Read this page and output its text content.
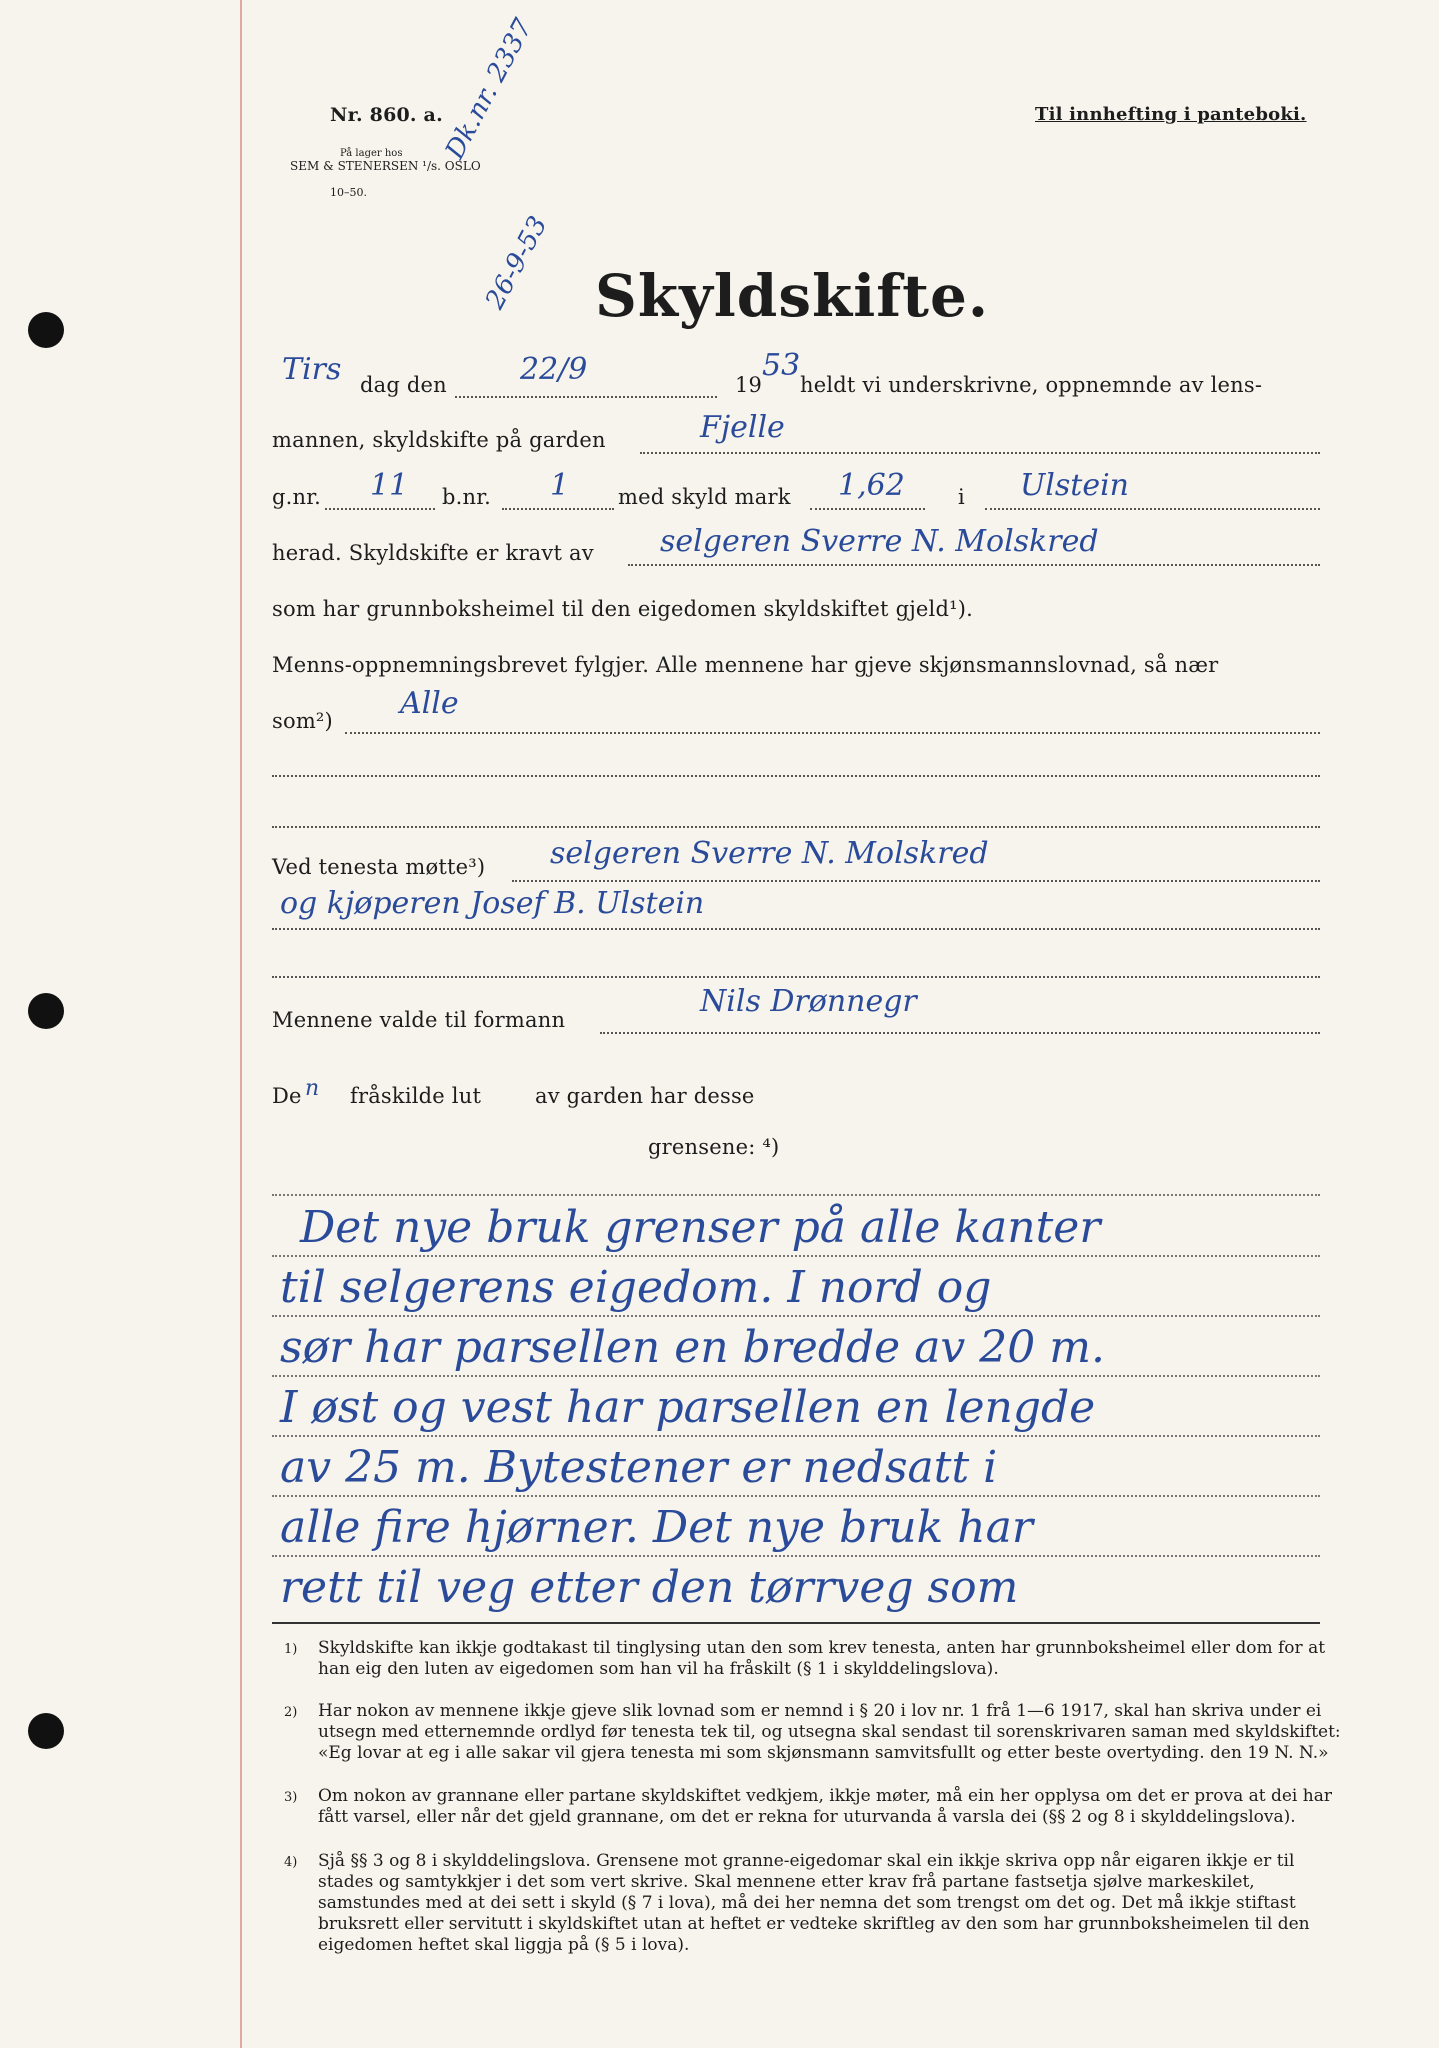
Nr. 860. a.
På lager hos
SEM & STENERSEN ¹/s. OSLO
10–50.
Til innhefting i panteboki.
Dk.nr. 2337
26-9-53 Skyldskifte.
Tirs dag den 22/9	19
53
heldt vi underskrivne, oppnemnde av lens-
mannen, skyldskifte på garden	Fjelle
g.nr. 11 b.nr. 1 med skyld mark 1,62	i Ulstein
herad. Skyldskifte er kravt av selgeren Sverre N. Molskred
som har grunnboksheimel til den eigedomen skyldskiftet gjeld¹).
Menns-oppnemningsbrevet fylgjer. Alle mennene har gjeve skjønsmannslovnad, så nær
som²) Alle
Ved tenesta møtte³) selgeren Sverre N. Molskred
og kjøperen Josef B. Ulstein
Mennene valde til formann
Nils Drønnegr
De n fråskilde lut	av garden har desse
grensene: ⁴)
Det nye bruk grenser på alle kanter
til selgerens eigedom. I nord og
sør har parsellen en bredde av 20 m.
I øst og vest har parsellen en lengde
av 25 m. Bytestener er nedsatt i
alle fire hjørner. Det nye bruk har
rett til veg etter den tørrveg som
1) Skyldskifte kan ikkje godtakast til tinglysing utan den som krev tenesta, anten har grunnboksheimel eller dom for at han eig den luten av eigedomen som han vil ha fråskilt (§ 1 i skylddelingslova).
2) Har nokon av mennene ikkje gjeve slik lovnad som er nemnd i § 20 i lov nr. 1 frå 1—6 1917, skal han skriva under ei utsegn med etternemnde ordlyd før tenesta tek til, og utsegna skal sendast til sorenskrivaren saman med skyldskiftet: «Eg lovar at eg i alle sakar vil gjera tenesta mi som skjønsmann samvitsfullt og etter beste overtyding. den 19 N. N.»
3) Om nokon av grannane eller partane skyldskiftet vedkjem, ikkje møter, må ein her opplysa om det er prova at dei har fått varsel, eller når det gjeld grannane, om det er rekna for uturvanda å varsla dei (§§ 2 og 8 i skylddelingslova).
4) Sjå §§ 3 og 8 i skylddelingslova. Grensene mot granne-eigedomar skal ein ikkje skriva opp når eigaren ikkje er til stades og samtykkjer i det som vert skrive. Skal mennene etter krav frå partane fastsetja sjølve markeskilet, samstundes med at dei sett i skyld (§ 7 i lova), må dei her nemna det som trengst om det og. Det må ikkje stiftast bruksrett eller servitutt i skyldskiftet utan at heftet er vedteke skriftleg av den som har grunnboksheimelen til den eigedomen heftet skal liggja på (§ 5 i lova).
